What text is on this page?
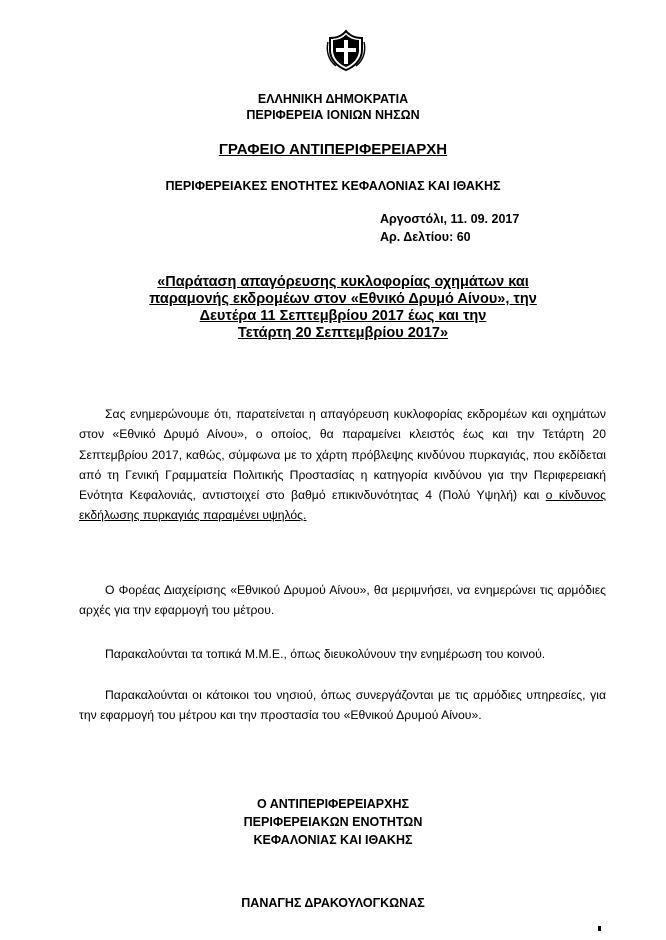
ΕΛΛΗΝΙΚΗ ΔΗΜΟΚΡΑΤΙΑ
ΠΕΡΙΦΕΡΕΙΑ ΙΟΝΙΩΝ ΝΗΣΩΝ
ΓΡΑΦΕΙΟ ΑΝΤΙΠΕΡΙΦΕΡΕΙΑΡΧΗ
ΠΕΡΙΦΕΡΕΙΑΚΕΣ ΕΝΟΤΗΤΕΣ ΚΕΦΑΛΟΝΙΑΣ ΚΑΙ ΙΘΑΚΗΣ
Αργοστόλι, 11. 09. 2017
Αρ. Δελτίου: 60
«Παράταση απαγόρευσης κυκλοφορίας οχημάτων και
παραμονής εκδρομέων στον «Εθνικό Δρυμό Αίνου», την
Δευτέρα 11 Σεπτεμβρίου 2017 έως και την
Τετάρτη 20 Σεπτεμβρίου 2017»
Σας ενημερώνουμε ότι, παρατείνεται η απαγόρευση κυκλοφορίας εκδρομέων και οχημάτων στον «Εθνικό Δρυμό Αίνου», ο οποίος, θα παραμείνει κλειστός έως και την Τετάρτη 20 Σεπτεμβρίου 2017, καθώς, σύμφωνα με το χάρτη πρόβλεψης κινδύνου πυρκαγιάς, που εκδίδεται από τη Γενική Γραμματεία Πολιτικής Προστασίας η κατηγορία κινδύνου για την Περιφερειακή Ενότητα Κεφαλονιάς, αντιστοιχεί στο βαθμό επικινδυνότητας 4 (Πολύ Υψηλή) και ο κίνδυνος εκδήλωσης πυρκαγιάς παραμένει υψηλός.
Ο Φορέας Διαχείρισης «Εθνικού Δρυμού Αίνου», θα μεριμνήσει, να ενημερώνει τις αρμόδιες αρχές για την εφαρμογή του μέτρου.
Παρακαλούνται τα τοπικά Μ.Μ.Ε., όπως διευκολύνουν την ενημέρωση του κοινού.
Παρακαλούνται οι κάτοικοι του νησιού, όπως συνεργάζονται με τις αρμόδιες υπηρεσίες, για την εφαρμογή του μέτρου και την προστασία του «Εθνικού Δρυμού Αίνου».
Ο ΑΝΤΙΠΕΡΙΦΕΡΕΙΑΡΧΗΣ
ΠΕΡΙΦΕΡΕΙΑΚΩΝ ΕΝΟΤΗΤΩΝ
ΚΕΦΑΛΟΝΙΑΣ ΚΑΙ ΙΘΑΚΗΣ
ΠΑΝΑΓΗΣ ΔΡΑΚΟΥΛΟΓΚΩΝΑΣ
